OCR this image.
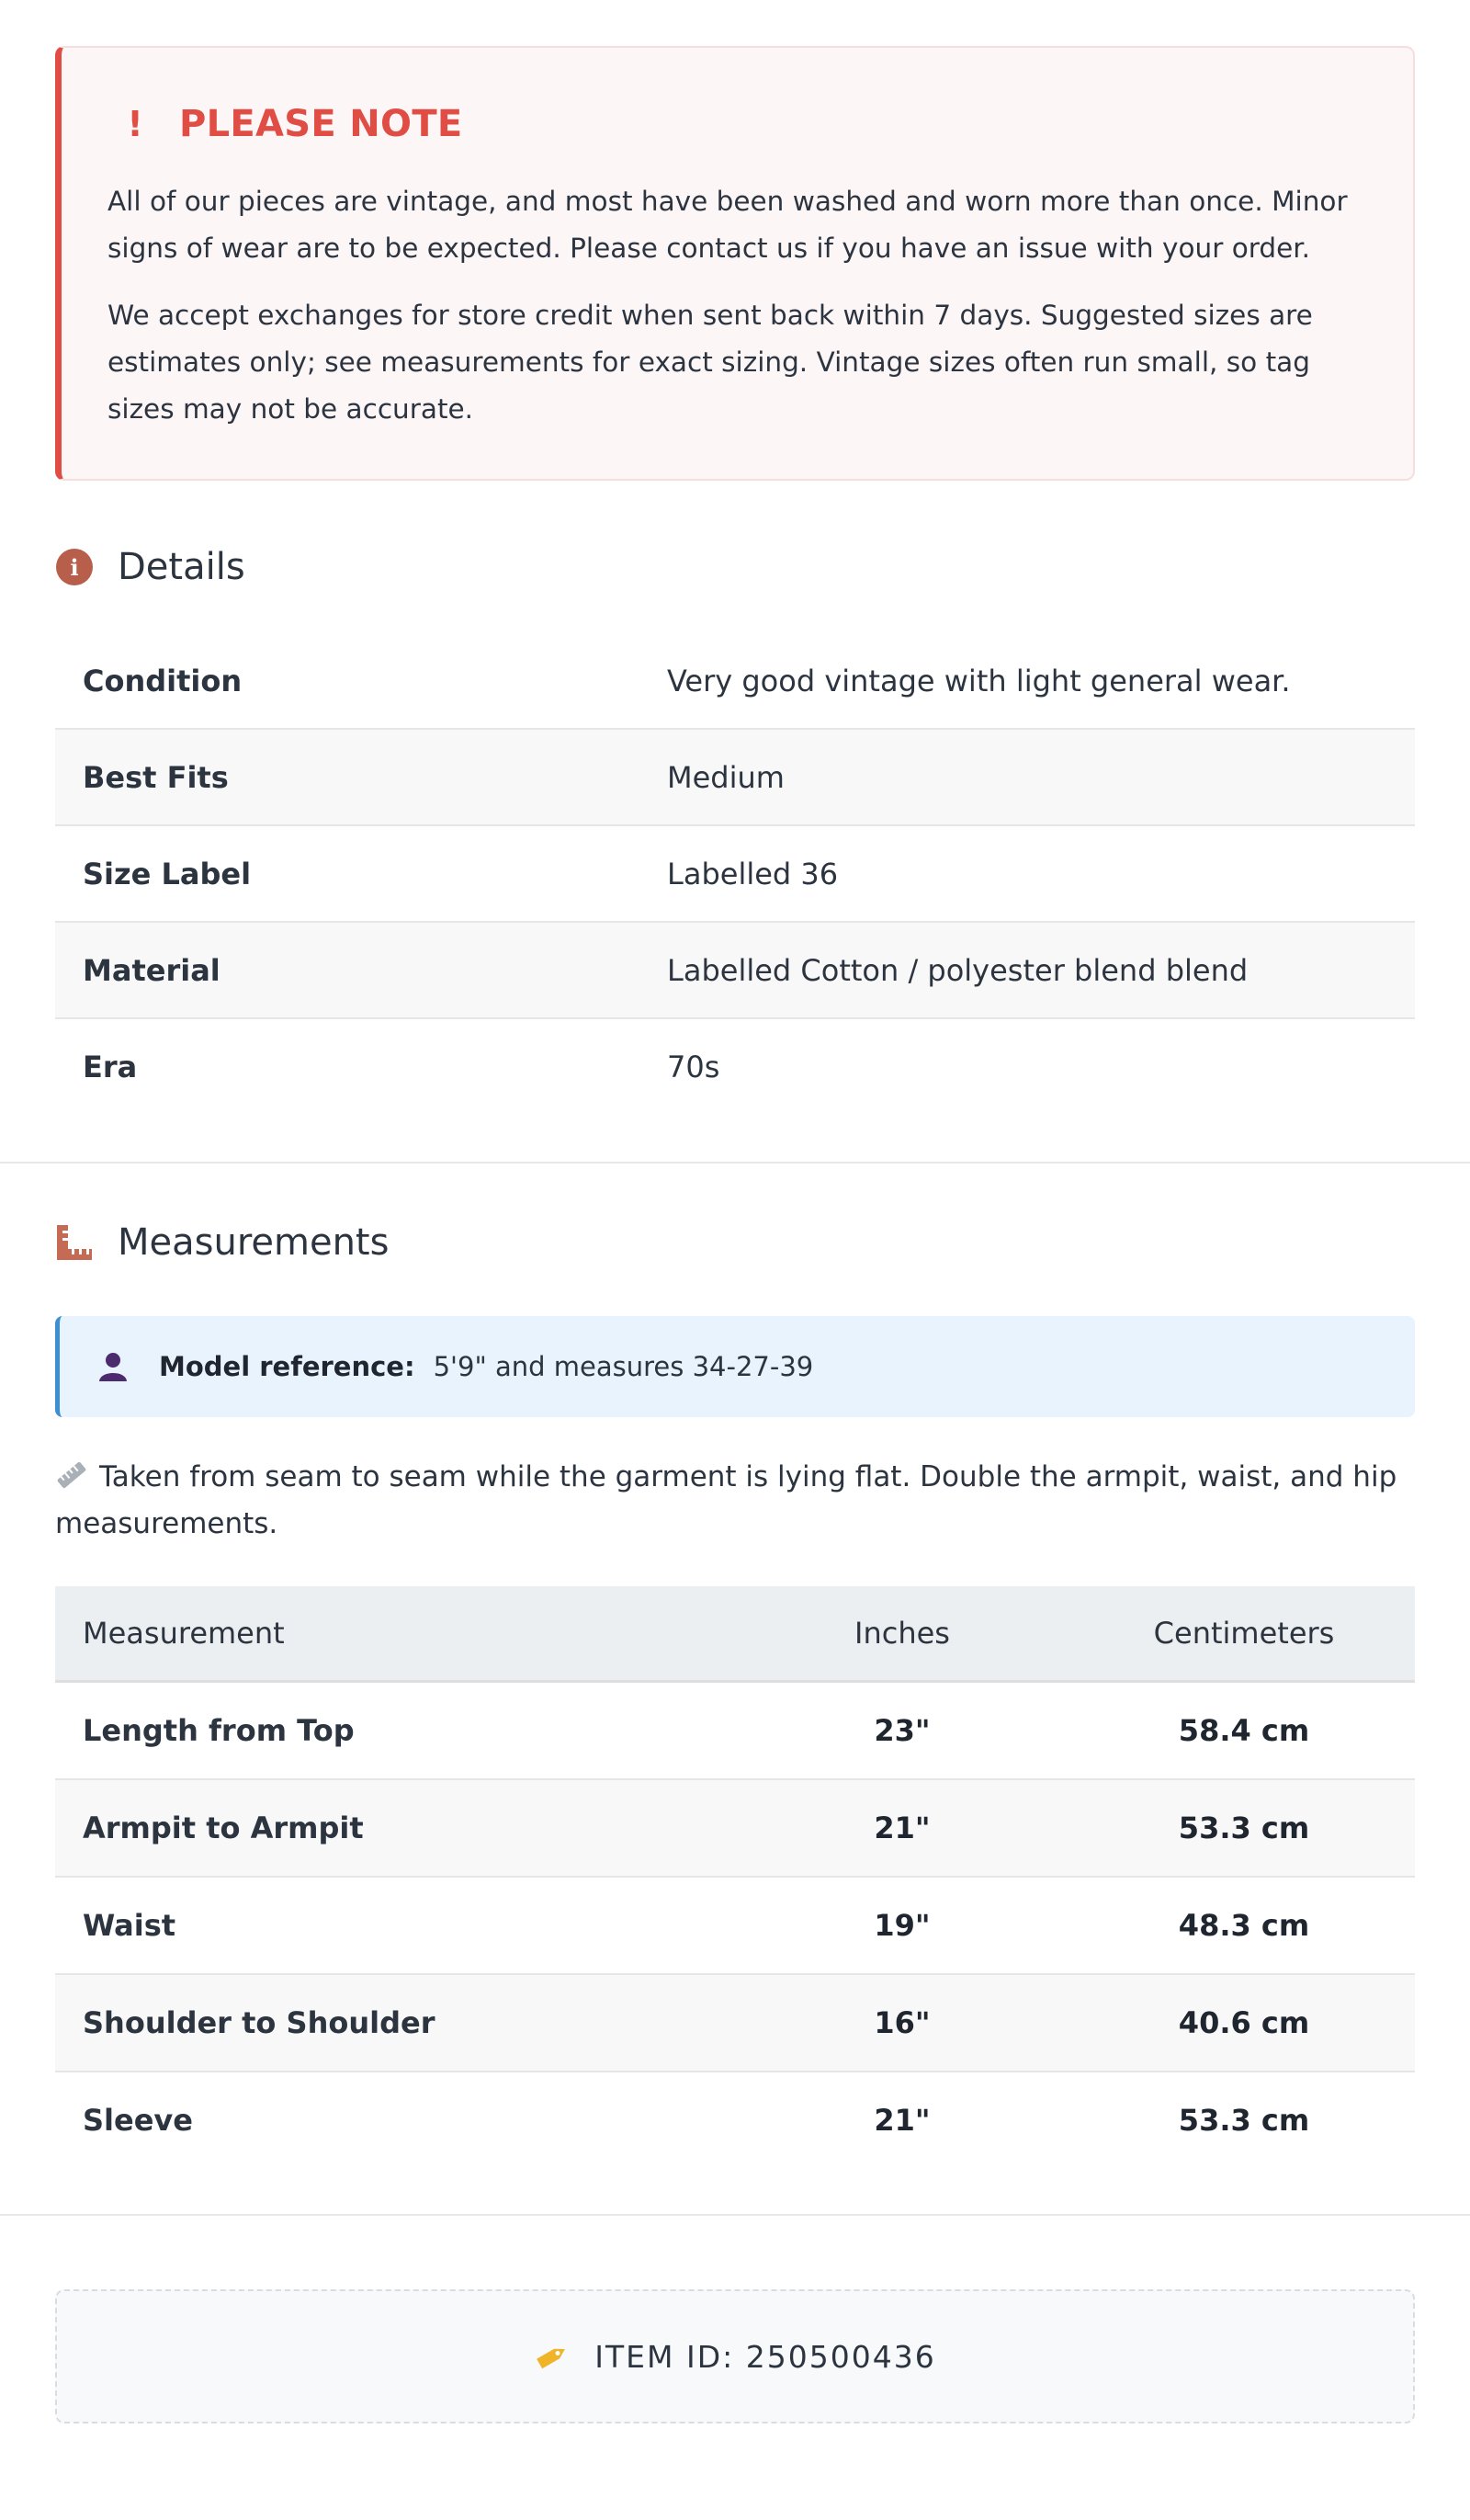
! PLEASE NOTE

All of our pieces are vintage, and most have been washed and worn more than once. Minor signs of wear are to be expected. Please contact us if you have an issue with your order.

We accept exchanges for store credit when sent back within 7 days. Suggested sizes are estimates only; see measurements for exact sizing. Vintage sizes often run small, so tag sizes may not be accurate.

i	Details
Condition	Very good vintage with light general wear.
Best Fits	Medium
Size Label	Labelled 36
Material	Labelled Cotton / polyester blend blend
Era	70s
Measurements
Model reference: 5'9" and measures 34-27-39

Taken from seam to seam while the garment is lying flat. Double the armpit, waist, and hip measurements.

Measurement	Inches	Centimeters
Length from Top	23"	58.4 cm
Armpit to Armpit	21"	53.3 cm
Waist	19"	48.3 cm
Shoulder to Shoulder	16"	40.6 cm
Sleeve	21"	53.3 cm
ITEM ID: 250500436
